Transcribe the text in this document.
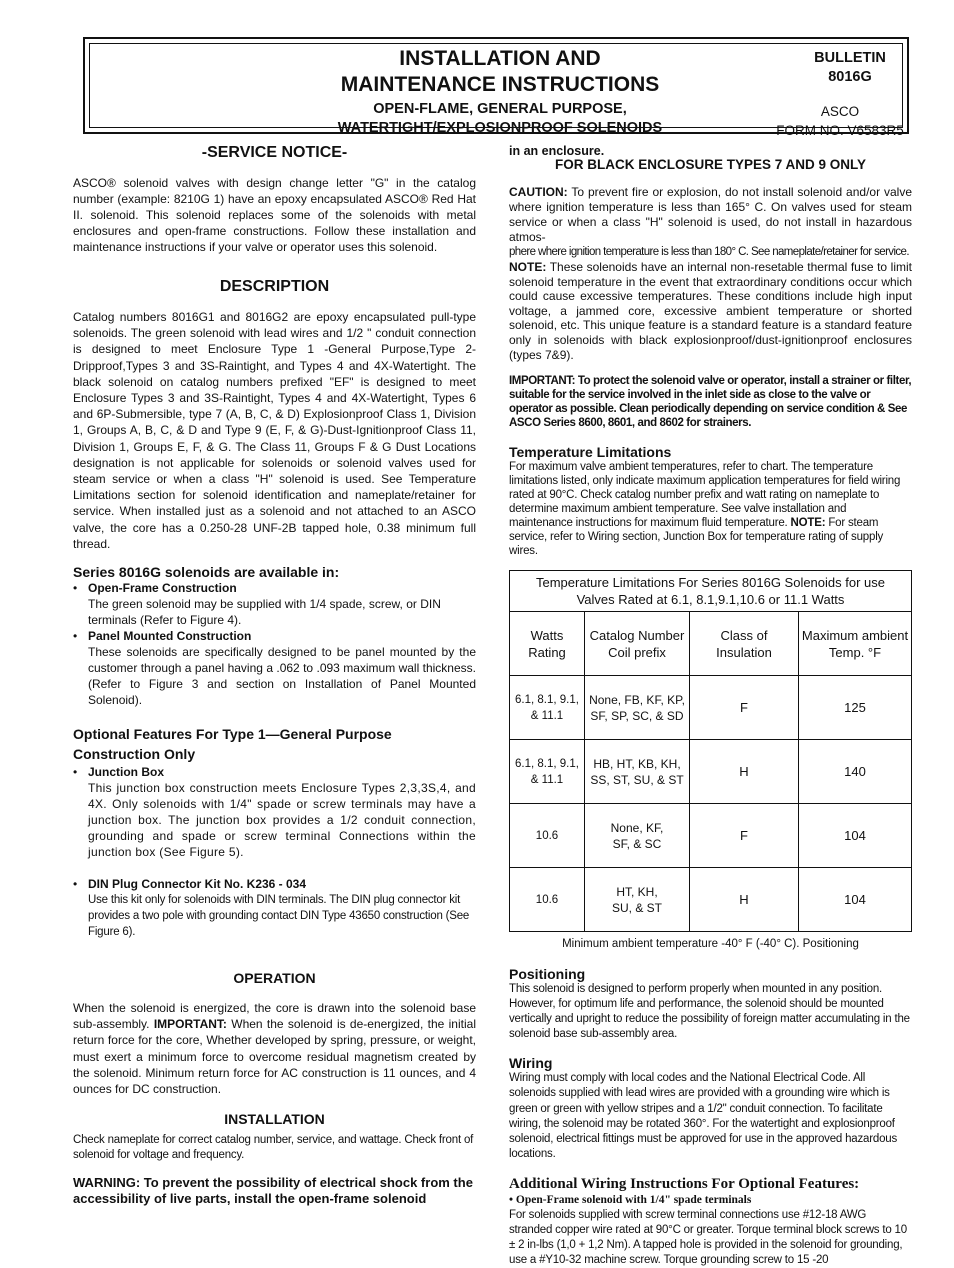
INSTALLATION AND
MAINTENANCE INSTRUCTIONS
OPEN-FLAME, GENERAL PURPOSE,
WATERTIGHT/EXPLOSIONPROOF SOLENOIDS
BULLETIN
8016G
ASCO
FORM NO. V6583R5
-SERVICE NOTICE-

ASCO® solenoid valves with design change letter "G" in the catalog number (example: 8210G 1) have an epoxy encapsulated ASCO® Red Hat II. solenoid. This solenoid replaces some of the solenoids with metal enclosures and open-frame constructions. Follow these installation and maintenance instructions if your valve or operator uses this solenoid.

DESCRIPTION

Catalog numbers 8016G1 and 8016G2 are epoxy encapsulated pull-type solenoids. The green solenoid with lead wires and 1/2 " conduit connection is designed to meet Enclosure Type 1 -General Purpose,Type 2-Dripproof,Types 3 and 3S-Raintight, and Types 4 and 4X-Watertight. The black solenoid on catalog numbers prefixed "EF" is designed to meet Enclosure Types 3 and 3S-Raintight, Types 4 and 4X-Watertight, Types 6 and 6P-Submersible, type 7 (A, B, C, & D) Explosionproof Class 1, Division 1, Groups A, B, C, & D and Type 9 (E, F, & G)-Dust-Ignitionproof Class 11, Division 1, Groups E, F, & G. The Class 11, Groups F & G Dust Locations designation is not applicable for solenoids or solenoid valves used for steam service or when a class "H" solenoid is used. See Temperature Limitations section for solenoid identification and nameplate/retainer for service. When installed just as a solenoid and not attached to an ASCO valve, the core has a 0.250-28 UNF-2B tapped hole, 0.38 minimum full thread.

Series 8016G solenoids are available in:
• Open-Frame Construction

The green solenoid may be supplied with 1/4 spade, screw, or DIN terminals (Refer to Figure 4).

• Panel Mounted Construction

These solenoids are specifically designed to be panel mounted by the customer through a panel having a .062 to .093 maximum wall thickness. (Refer to Figure 3 and section on Installation of Panel Mounted Solenoid).

Optional Features For Type 1—General Purpose Construction Only
• Junction Box

This junction box construction meets Enclosure Types 2,3,3S,4, and 4X. Only solenoids with 1/4" spade or screw terminals may have a junction box. The junction box provides a 1/2 conduit connection, grounding and spade or screw terminal Connections within the junction box (See Figure 5).

• DIN Plug Connector Kit No. K236 - 034

Use this kit only for solenoids with DIN terminals. The DIN plug connector kit provides a two pole with grounding contact DIN Type 43650 construction (See Figure 6).

OPERATION

When the solenoid is energized, the core is drawn into the solenoid base sub-assembly. IMPORTANT: When the solenoid is de-energized, the initial return force for the core, Whether developed by spring, pressure, or weight, must exert a minimum force to overcome residual magnetism created by the solenoid. Minimum return force for AC construction is 11 ounces, and 4 ounces for DC construction.

INSTALLATION

Check nameplate for correct catalog number, service, and wattage. Check front of solenoid for voltage and frequency.

WARNING: To prevent the possibility of electrical shock from the accessibility of live parts, install the open-frame solenoid

in an enclosure.
FOR BLACK ENCLOSURE TYPES 7 AND 9 ONLY

CAUTION: To prevent fire or explosion, do not install solenoid and/or valve where ignition temperature is less than 165° C. On valves used for steam service or when a class "H" solenoid is used, do not install in hazardous atmos-

phere where ignition temperature is less than 180° C. See nameplate/retainer for service.

NOTE: These solenoids have an internal non-resetable thermal fuse to limit solenoid temperature in the event that extraordinary conditions occur which could cause excessive temperatures. These conditions include high input voltage, a jammed core, excessive ambient temperature or shorted solenoid, etc. This unique feature is a standard feature is a standard feature only in solenoids with black explosionproof/dust-ignitionproof enclosures (types 7&9).

IMPORTANT: To protect the solenoid valve or operator, install a strainer or filter, suitable for the service involved in the inlet side as close to the valve or operator as possible. Clean periodically depending on service condition & See ASCO Series 8600, 8601, and 8602 for strainers.

Temperature Limitations

For maximum valve ambient temperatures, refer to chart. The temperature limitations listed, only indicate maximum application temperatures for field wiring rated at 90°C. Check catalog number prefix and watt rating on nameplate to determine maximum ambient temperature. See valve installation and maintenance instructions for maximum fluid temperature. NOTE: For steam service, refer to Wiring section, Junction Box for temperature rating of supply wires.

Temperature Limitations For Series 8016G Solenoids for use Valves Rated at 6.1, 8.1,9.1,10.6 or 11.1 Watts			
Watts Rating	Catalog Number Coil prefix	Class of Insulation	Maximum ambient Temp. °F
6.1, 8.1, 9.1, & 11.1	None, FB, KF, KP, SF, SP, SC, & SD	F	125
6.1, 8.1, 9.1, & 11.1	HB, HT, KB, KH, SS, ST, SU, & ST	H	140
10.6	None, KF, SF, & SC	F	104
10.6	HT, KH, SU, & ST	H	104
Minimum ambient temperature -40° F (-40° C). Positioning
Positioning

This solenoid is designed to perform properly when mounted in any position. However, for optimum life and performance, the solenoid should be mounted vertically and upright to reduce the possibility of foreign matter accumulating in the solenoid base sub-assembly area.

Wiring

Wiring must comply with local codes and the National Electrical Code. All solenoids supplied with lead wires are provided with a grounding wire which is green or green with yellow stripes and a 1/2" conduit connection. To facilitate wiring, the solenoid may be rotated 360°. For the watertight and explosionproof solenoid, electrical fittings must be approved for use in the approved hazardous locations.

Additional Wiring Instructions For Optional Features:
• Open-Frame solenoid with 1/4" spade terminals

For solenoids supplied with screw terminal connections use #12-18 AWG stranded copper wire rated at 90°C or greater. Torque terminal block screws to 10 ± 2 in-lbs (1,0 + 1,2 Nm). A tapped hole is provided in the solenoid for grounding, use a #Y10-32 machine screw. Torque grounding screw to 15 -20
